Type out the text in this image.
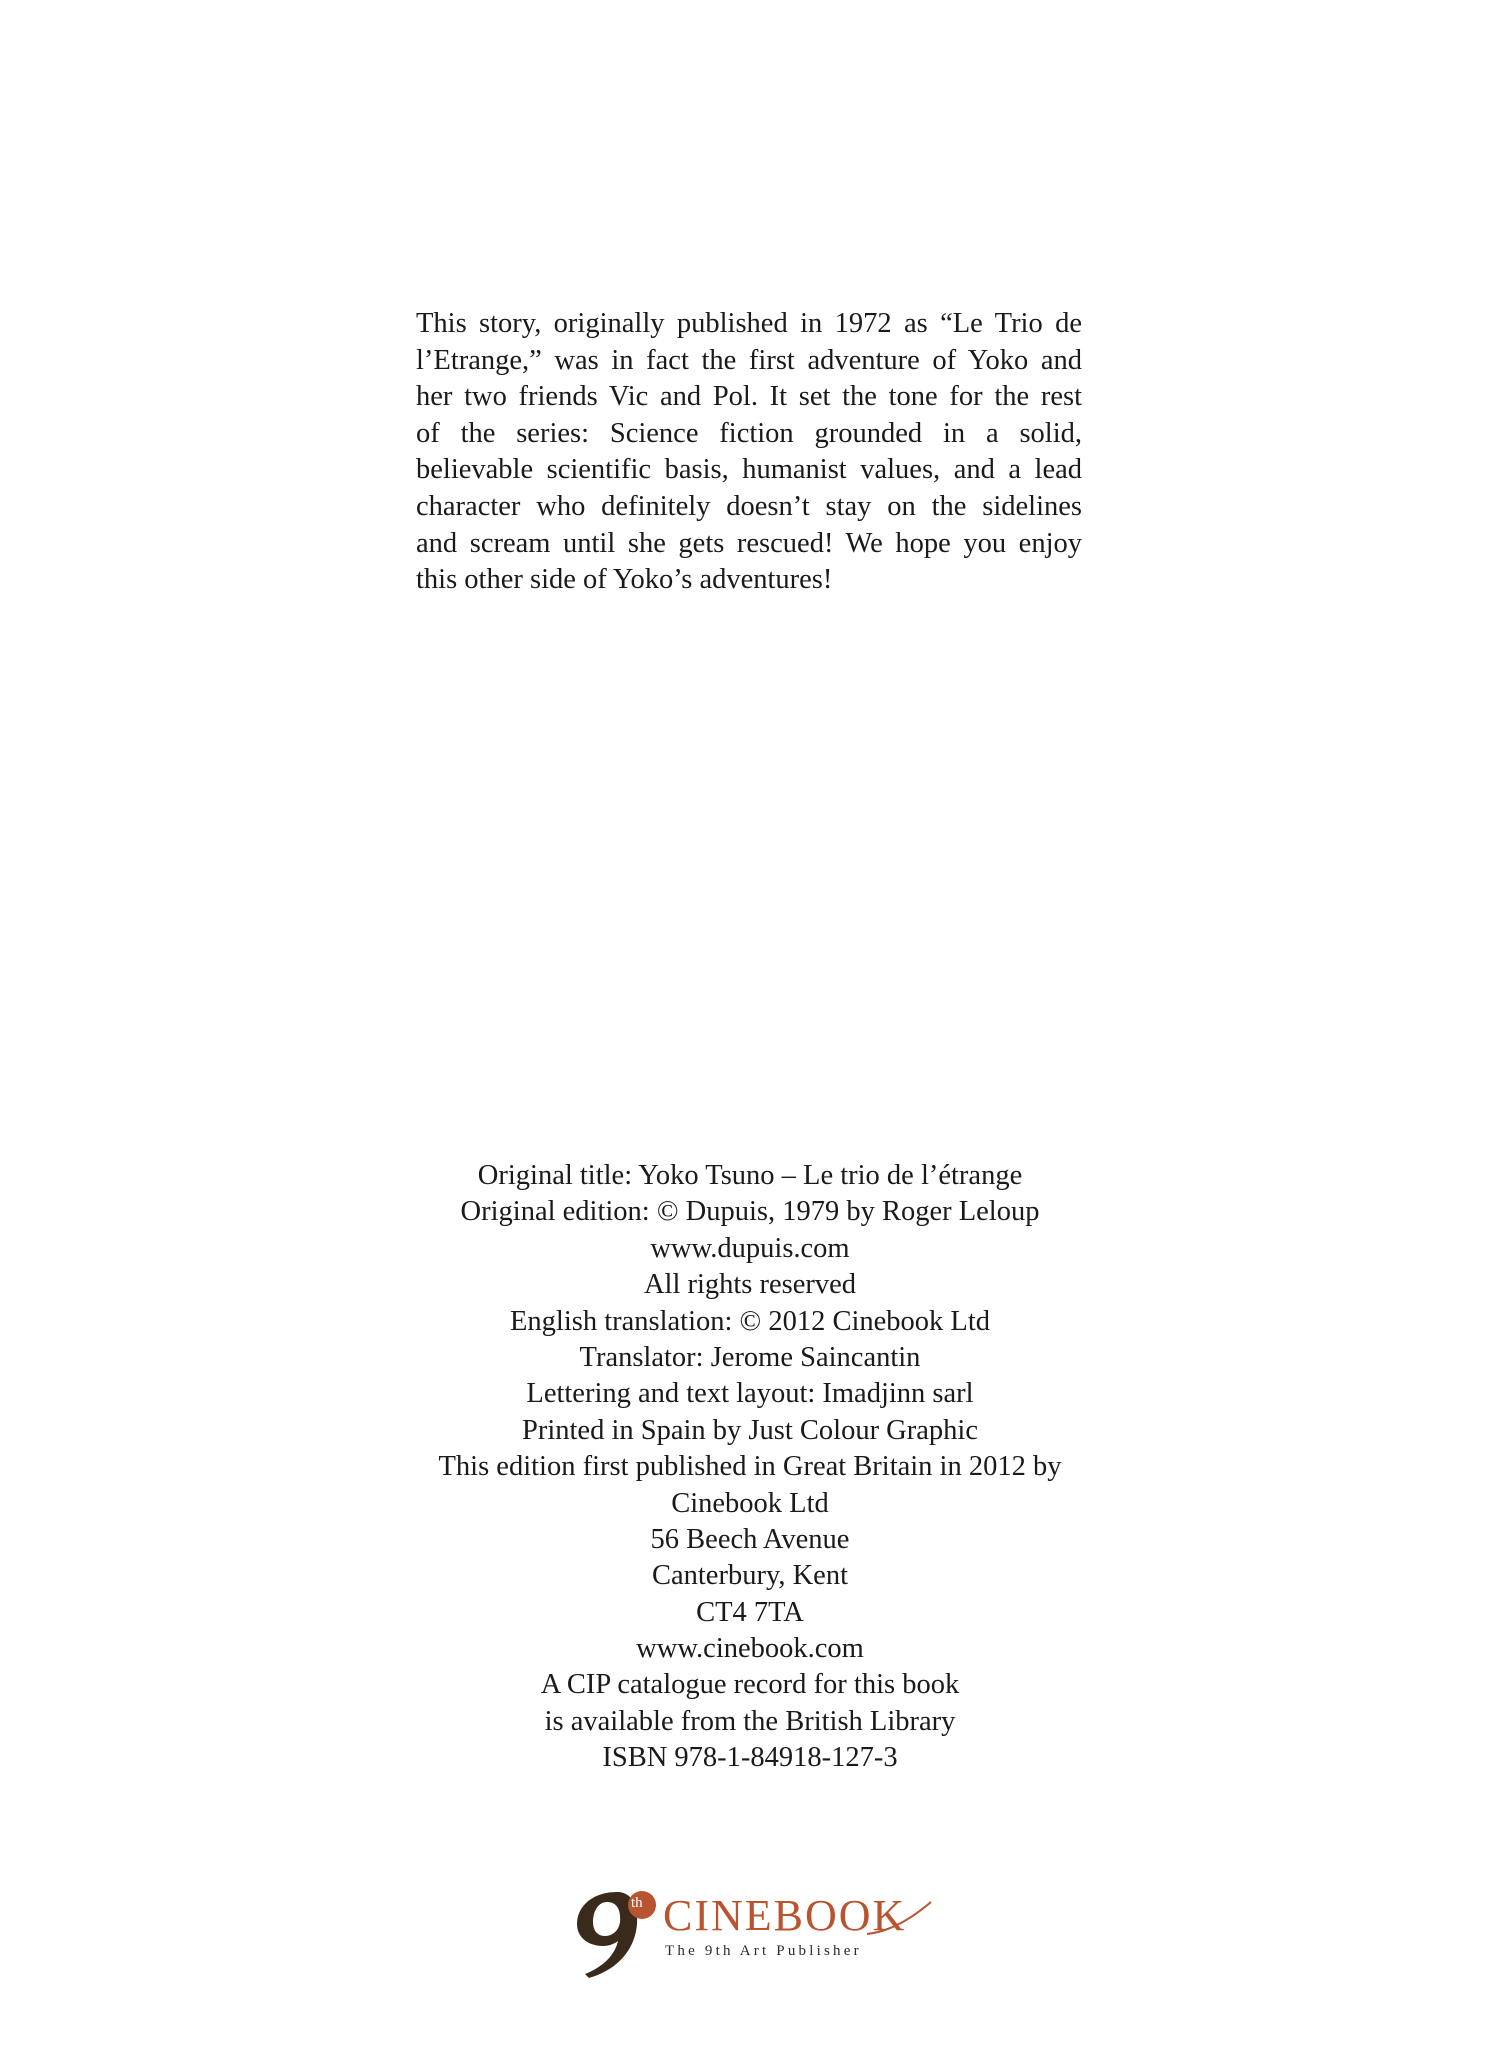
This story, originally published in 1972 as “Le Trio de
l’Etrange,” was in fact the first adventure of Yoko and
her two friends Vic and Pol. It set the tone for the rest
of the series: Science fiction grounded in a solid,
believable scientific basis, humanist values, and a lead
character who definitely doesn’t stay on the sidelines
and scream until she gets rescued! We hope you enjoy
this other side of Yoko’s adventures!
Original title: Yoko Tsuno – Le trio de l’étrange
Original edition: © Dupuis, 1979 by Roger Leloup
www.dupuis.com
All rights reserved
English translation: © 2012 Cinebook Ltd
Translator: Jerome Saincantin
Lettering and text layout: Imadjinn sarl
Printed in Spain by Just Colour Graphic
This edition first published in Great Britain in 2012 by
Cinebook Ltd
56 Beech Avenue
Canterbury, Kent
CT4 7TA
www.cinebook.com
A CIP catalogue record for this book
is available from the British Library
ISBN 978-1-84918-127-3
th CINEBOOK
The 9th Art Publisher
